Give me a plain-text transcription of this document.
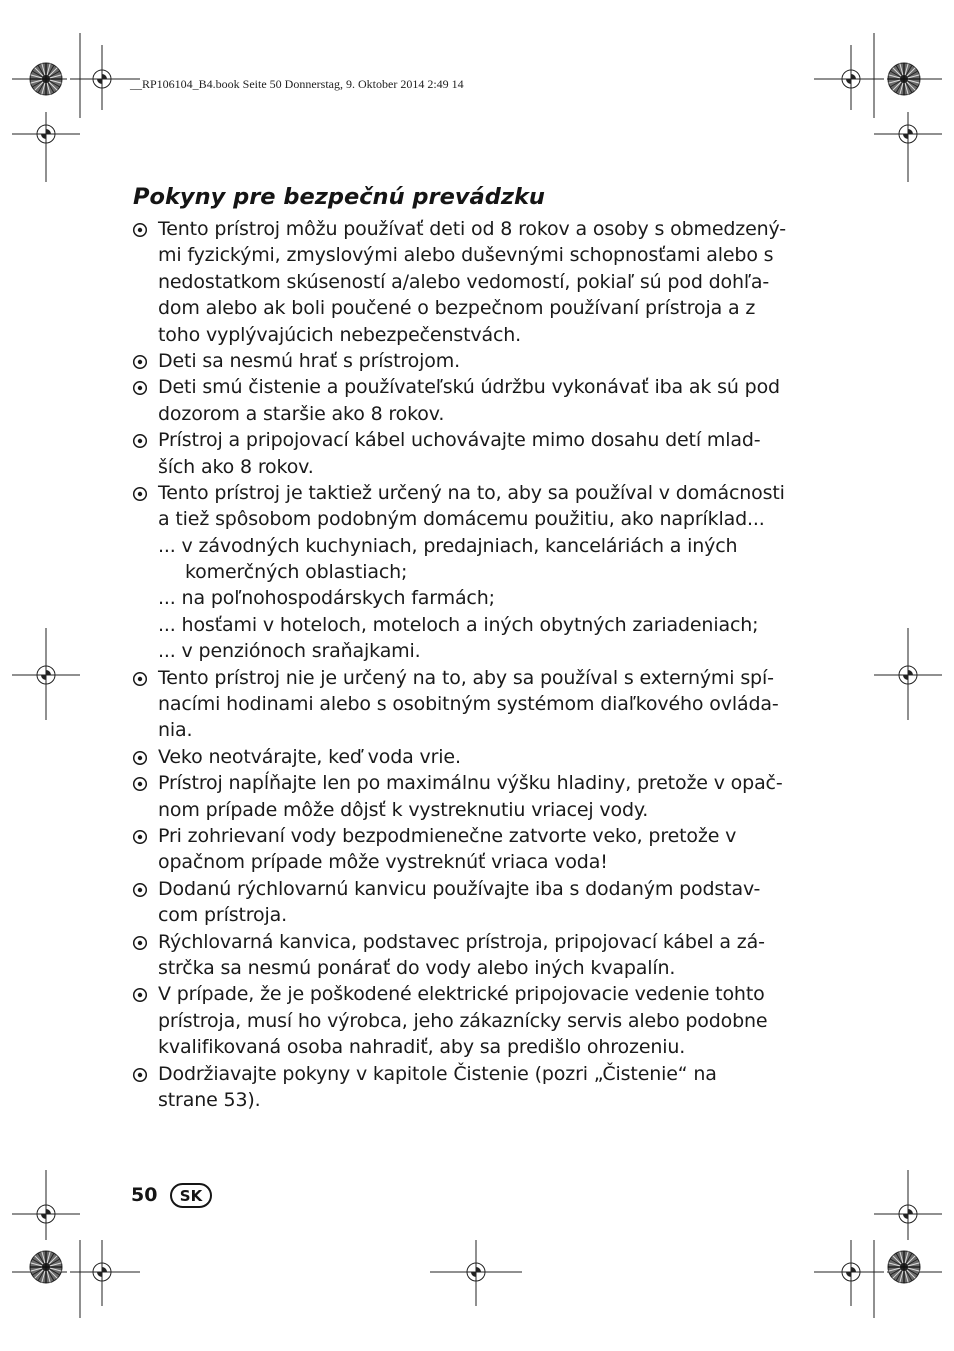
__RP106104_B4.book Seite 50 Donnerstag, 9. Oktober 2014 2:49 14
Pokyny pre bezpečnú prevádzku
Tento prístroj môžu používať deti od 8 rokov a osoby s obmedzený-
mi fyzickými, zmyslovými alebo duševnými schopnosťami alebo s
nedostatkom skúseností a/alebo vedomostí, pokiaľ sú pod dohľa-
dom alebo ak boli poučené o bezpečnom používaní prístroja a z
toho vyplývajúcich nebezpečenstvách.
Deti sa nesmú hrať s prístrojom.
Deti smú čistenie a používateľskú údržbu vykonávať iba ak sú pod
dozorom a staršie ako 8 rokov.
Prístroj a pripojovací kábel uchovávajte mimo dosahu detí mlad-
ších ako 8 rokov.
Tento prístroj je taktiež určený na to, aby sa používal v domácnosti
a tiež spôsobom podobným domácemu použitiu, ako napríklad...
... v závodných kuchyniach, predajniach, kanceláriách a iných
komerčných oblastiach;
... na poľnohospodárskych farmách;
... hosťami v hoteloch, moteloch a iných obytných zariadeniach;
... v penziónoch sraňajkami.
Tento prístroj nie je určený na to, aby sa používal s externými spí-
nacími hodinami alebo s osobitným systémom diaľkového ovláda-
nia.
Veko neotvárajte, keď voda vrie.
Prístroj napĺňajte len po maximálnu výšku hladiny, pretože v opač-
nom prípade môže dôjsť k vystreknutiu vriacej vody.
Pri zohrievaní vody bezpodmienečne zatvorte veko, pretože v
opačnom prípade môže vystreknúť vriaca voda!
Dodanú rýchlovarnú kanvicu používajte iba s dodaným podstav-
com prístroja.
Rýchlovarná kanvica, podstavec prístroja, pripojovací kábel a zá-
strčka sa nesmú ponárať do vody alebo iných kvapalín.
V prípade, že je poškodené elektrické pripojovacie vedenie tohto
prístroja, musí ho výrobca, jeho zákaznícky servis alebo podobne
kvalifikovaná osoba nahradiť, aby sa predišlo ohrozeniu.
Dodržiavajte pokyny v kapitole Čistenie (pozri „Čistenie“ na
strane 53).
50	SK
